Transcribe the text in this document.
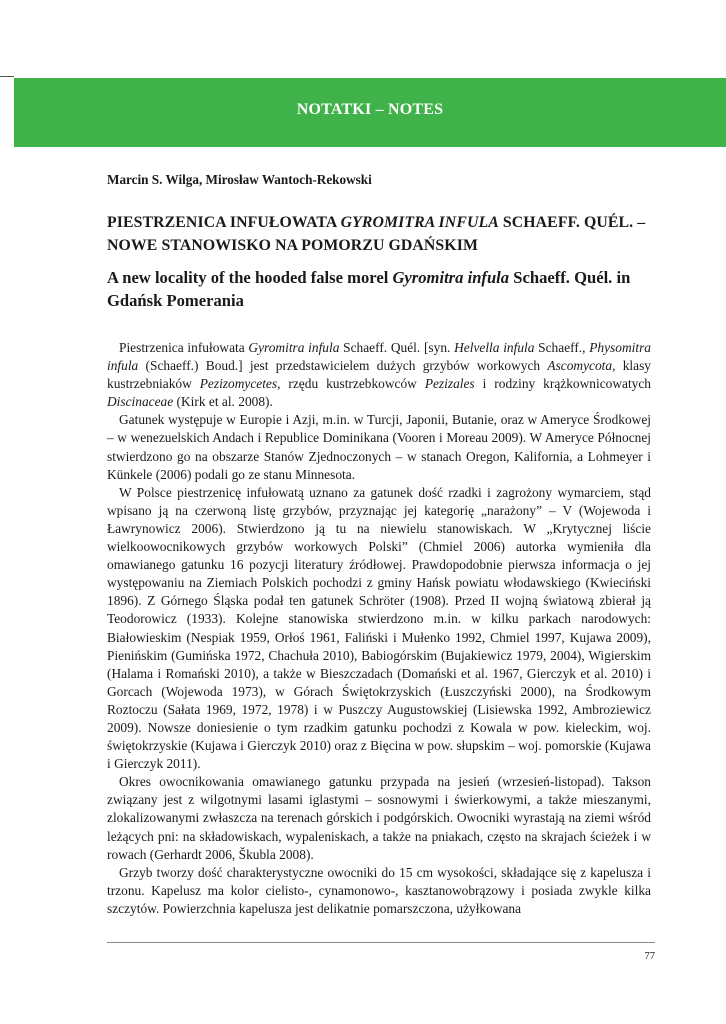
NOTATKI – NOTES
Marcin S. Wilga, Mirosław Wantoch-Rekowski
PIESTRZENICA INFUŁOWATA GYROMITRA INFULA SCHAEFF. QUÉL. – NOWE STANOWISKO NA POMORZU GDAŃSKIM
A new locality of the hooded false morel Gyromitra infula Schaeff. Quél. in Gdańsk Pomerania

Piestrzenica infułowata Gyromitra infula Schaeff. Quél. [syn. Helvella infula Schaeff., Physomitra infula (Schaeff.) Boud.] jest przedstawicielem dużych grzybów workowych Ascomycota, klasy kustrzebniaków Pezizomycetes, rzędu kustrzebkowców Pezizales i rodziny krążkownicowatych Discinaceae (Kirk et al. 2008).

Gatunek występuje w Europie i Azji, m.in. w Turcji, Japonii, Butanie, oraz w Ameryce Środkowej – w wenezuelskich Andach i Republice Dominikana (Vooren i Moreau 2009). W Ameryce Północnej stwierdzono go na obszarze Stanów Zjednoczonych – w stanach Oregon, Kalifornia, a Lohmeyer i Künkele (2006) podali go ze stanu Minnesota.

W Polsce piestrzenicę infułowatą uznano za gatunek dość rzadki i zagrożony wymarciem, stąd wpisano ją na czerwoną listę grzybów, przyznając jej kategorię „narażony” – V (Wojewoda i Ławrynowicz 2006). Stwierdzono ją tu na niewielu stanowiskach. W „Krytycznej liście wielkoowocnikowych grzybów workowych Polski” (Chmiel 2006) autorka wymieniła dla omawianego gatunku 16 pozycji literatury źródłowej. Prawdopodobnie pierwsza informacja o jej występowaniu na Ziemiach Polskich pochodzi z gminy Hańsk powiatu włodawskiego (Kwieciński 1896). Z Górnego Śląska podał ten gatunek Schröter (1908). Przed II wojną światową zbierał ją Teodorowicz (1933). Kolejne stanowiska stwierdzono m.in. w kilku parkach narodowych: Białowieskim (Nespiak 1959, Orłoś 1961, Faliński i Mułenko 1992, Chmiel 1997, Kujawa 2009), Pienińskim (Gumińska 1972, Chachuła 2010), Babiogórskim (Bujakiewicz 1979, 2004), Wigierskim (Halama i Romański 2010), a także w Bieszczadach (Domański et al. 1967, Gierczyk et al. 2010) i Gorcach (Wojewoda 1973), w Górach Świętokrzyskich (Łuszczyński 2000), na Środkowym Roztoczu (Sałata 1969, 1972, 1978) i w Puszczy Augustowskiej (Lisiewska 1992, Ambroziewicz 2009). Nowsze doniesienie o tym rzadkim gatunku pochodzi z Kowala w pow. kieleckim, woj. świętokrzyskie (Kujawa i Gierczyk 2010) oraz z Bięcina w pow. słupskim – woj. pomorskie (Kujawa i Gierczyk 2011).

Okres owocnikowania omawianego gatunku przypada na jesień (wrzesień-listopad). Takson związany jest z wilgotnymi lasami iglastymi – sosnowymi i świerkowymi, a także mieszanymi, zlokalizowanymi zwłaszcza na terenach górskich i podgórskich. Owocniki wyrastają na ziemi wśród leżących pni: na składowiskach, wypaleniskach, a także na pniakach, często na skrajach ścieżek i w rowach (Gerhardt 2006, Škubla 2008).

Grzyb tworzy dość charakterystyczne owocniki do 15 cm wysokości, składające się z kapelusza i trzonu. Kapelusz ma kolor cielisto-, cynamonowo-, kasztanowobrązowy i posiada zwykle kilka szczytów. Powierzchnia kapelusza jest delikatnie pomarszczona, użyłkowana

77
